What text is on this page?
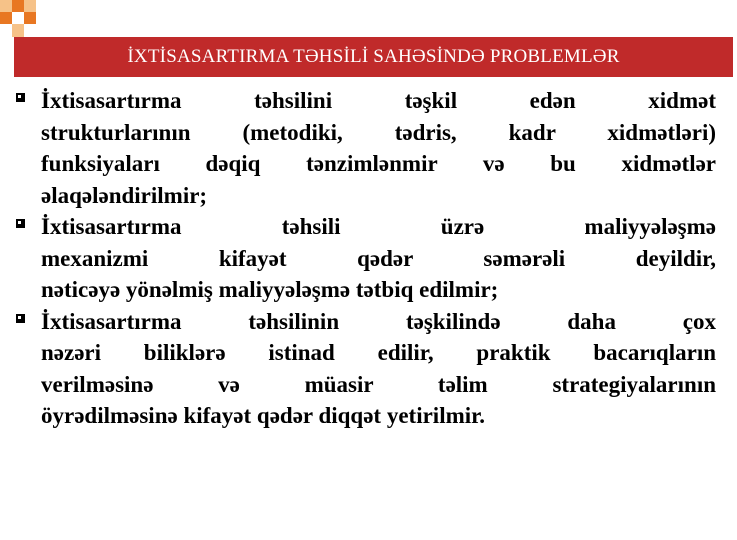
İXTİSASARTIRMA TƏHSİLİ SAHƏSİNDƏ PROBLEMLƏR
İxtisasartırma təhsilini təşkil edən xidmət
strukturlarının (metodiki, tədris, kadr xidmətləri)
funksiyaları dəqiq tənzimlənmir və bu xidmətlər
əlaqələndirilmir;
İxtisasartırma təhsili üzrə maliyyələşmə
mexanizmi kifayət qədər səmərəli deyildir,
nəticəyə yönəlmiş maliyyələşmə tətbiq edilmir;
İxtisasartırma təhsilinin təşkilində daha çox
nəzəri biliklərə istinad edilir, praktik bacarıqların
verilməsinə və müasir təlim strategiyalarının
öyrədilməsinə kifayət qədər diqqət yetirilmir.
